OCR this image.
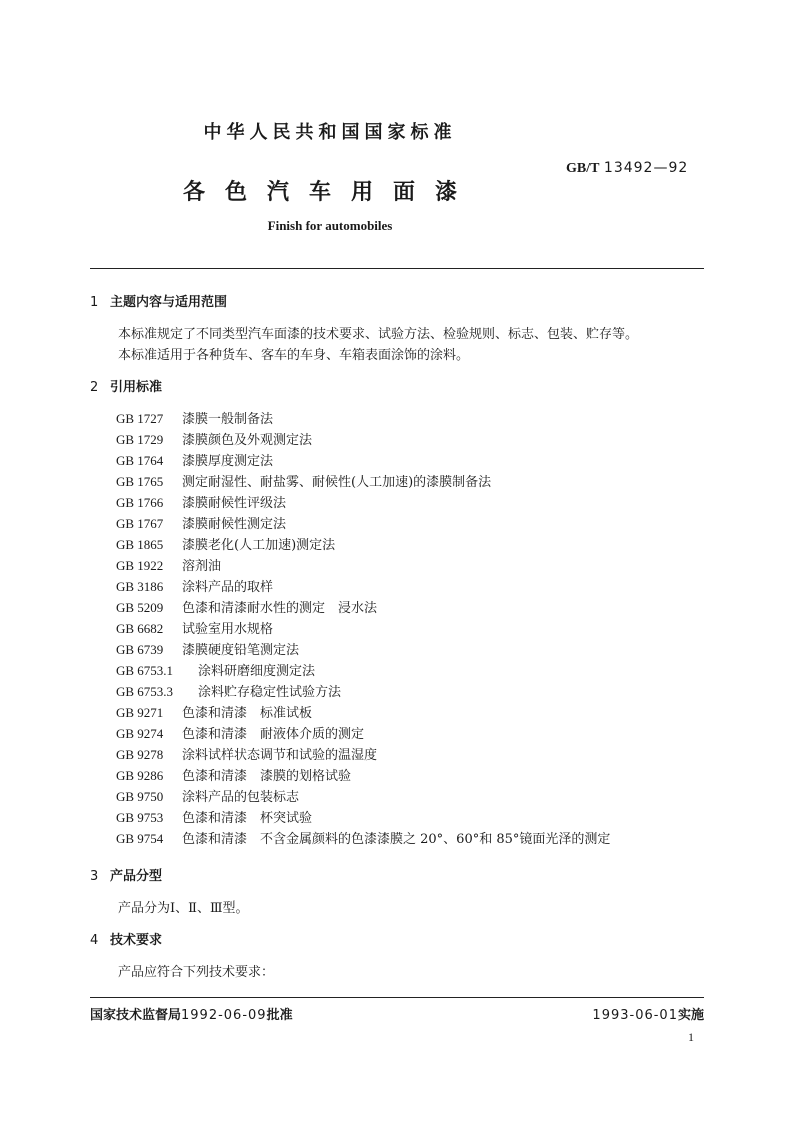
中华人民共和国国家标准
GB/T 13492—92
各色汽车用面漆
Finish for automobiles
1 主题内容与适用范围
本标准规定了不同类型汽车面漆的技术要求、试验方法、检验规则、标志、包装、贮存等。
本标准适用于各种货车、客车的车身、车箱表面涂饰的涂料。
2 引用标准
GB 1727 漆膜一般制备法
GB 1729 漆膜颜色及外观测定法
GB 1764 漆膜厚度测定法
GB 1765 测定耐湿性、耐盐雾、耐候性(人工加速)的漆膜制备法
GB 1766 漆膜耐候性评级法
GB 1767 漆膜耐候性测定法
GB 1865 漆膜老化(人工加速)测定法
GB 1922 溶剂油
GB 3186 涂料产品的取样
GB 5209 色漆和清漆耐水性的测定　浸水法
GB 6682 试验室用水规格
GB 6739 漆膜硬度铅笔测定法
GB 6753.1 涂料研磨细度测定法
GB 6753.3 涂料贮存稳定性试验方法
GB 9271 色漆和清漆　标准试板
GB 9274 色漆和清漆　耐液体介质的测定
GB 9278 涂料试样状态调节和试验的温湿度
GB 9286 色漆和清漆　漆膜的划格试验
GB 9750 涂料产品的包装标志
GB 9753 色漆和清漆　杯突试验
GB 9754 色漆和清漆　不含金属颜料的色漆漆膜之 20°、60°和 85°镜面光泽的测定
3 产品分型
产品分为Ⅰ、Ⅱ、Ⅲ型。
4 技术要求
产品应符合下列技术要求：
国家技术监督局1992-06-09批准	1993-06-01实施
1
